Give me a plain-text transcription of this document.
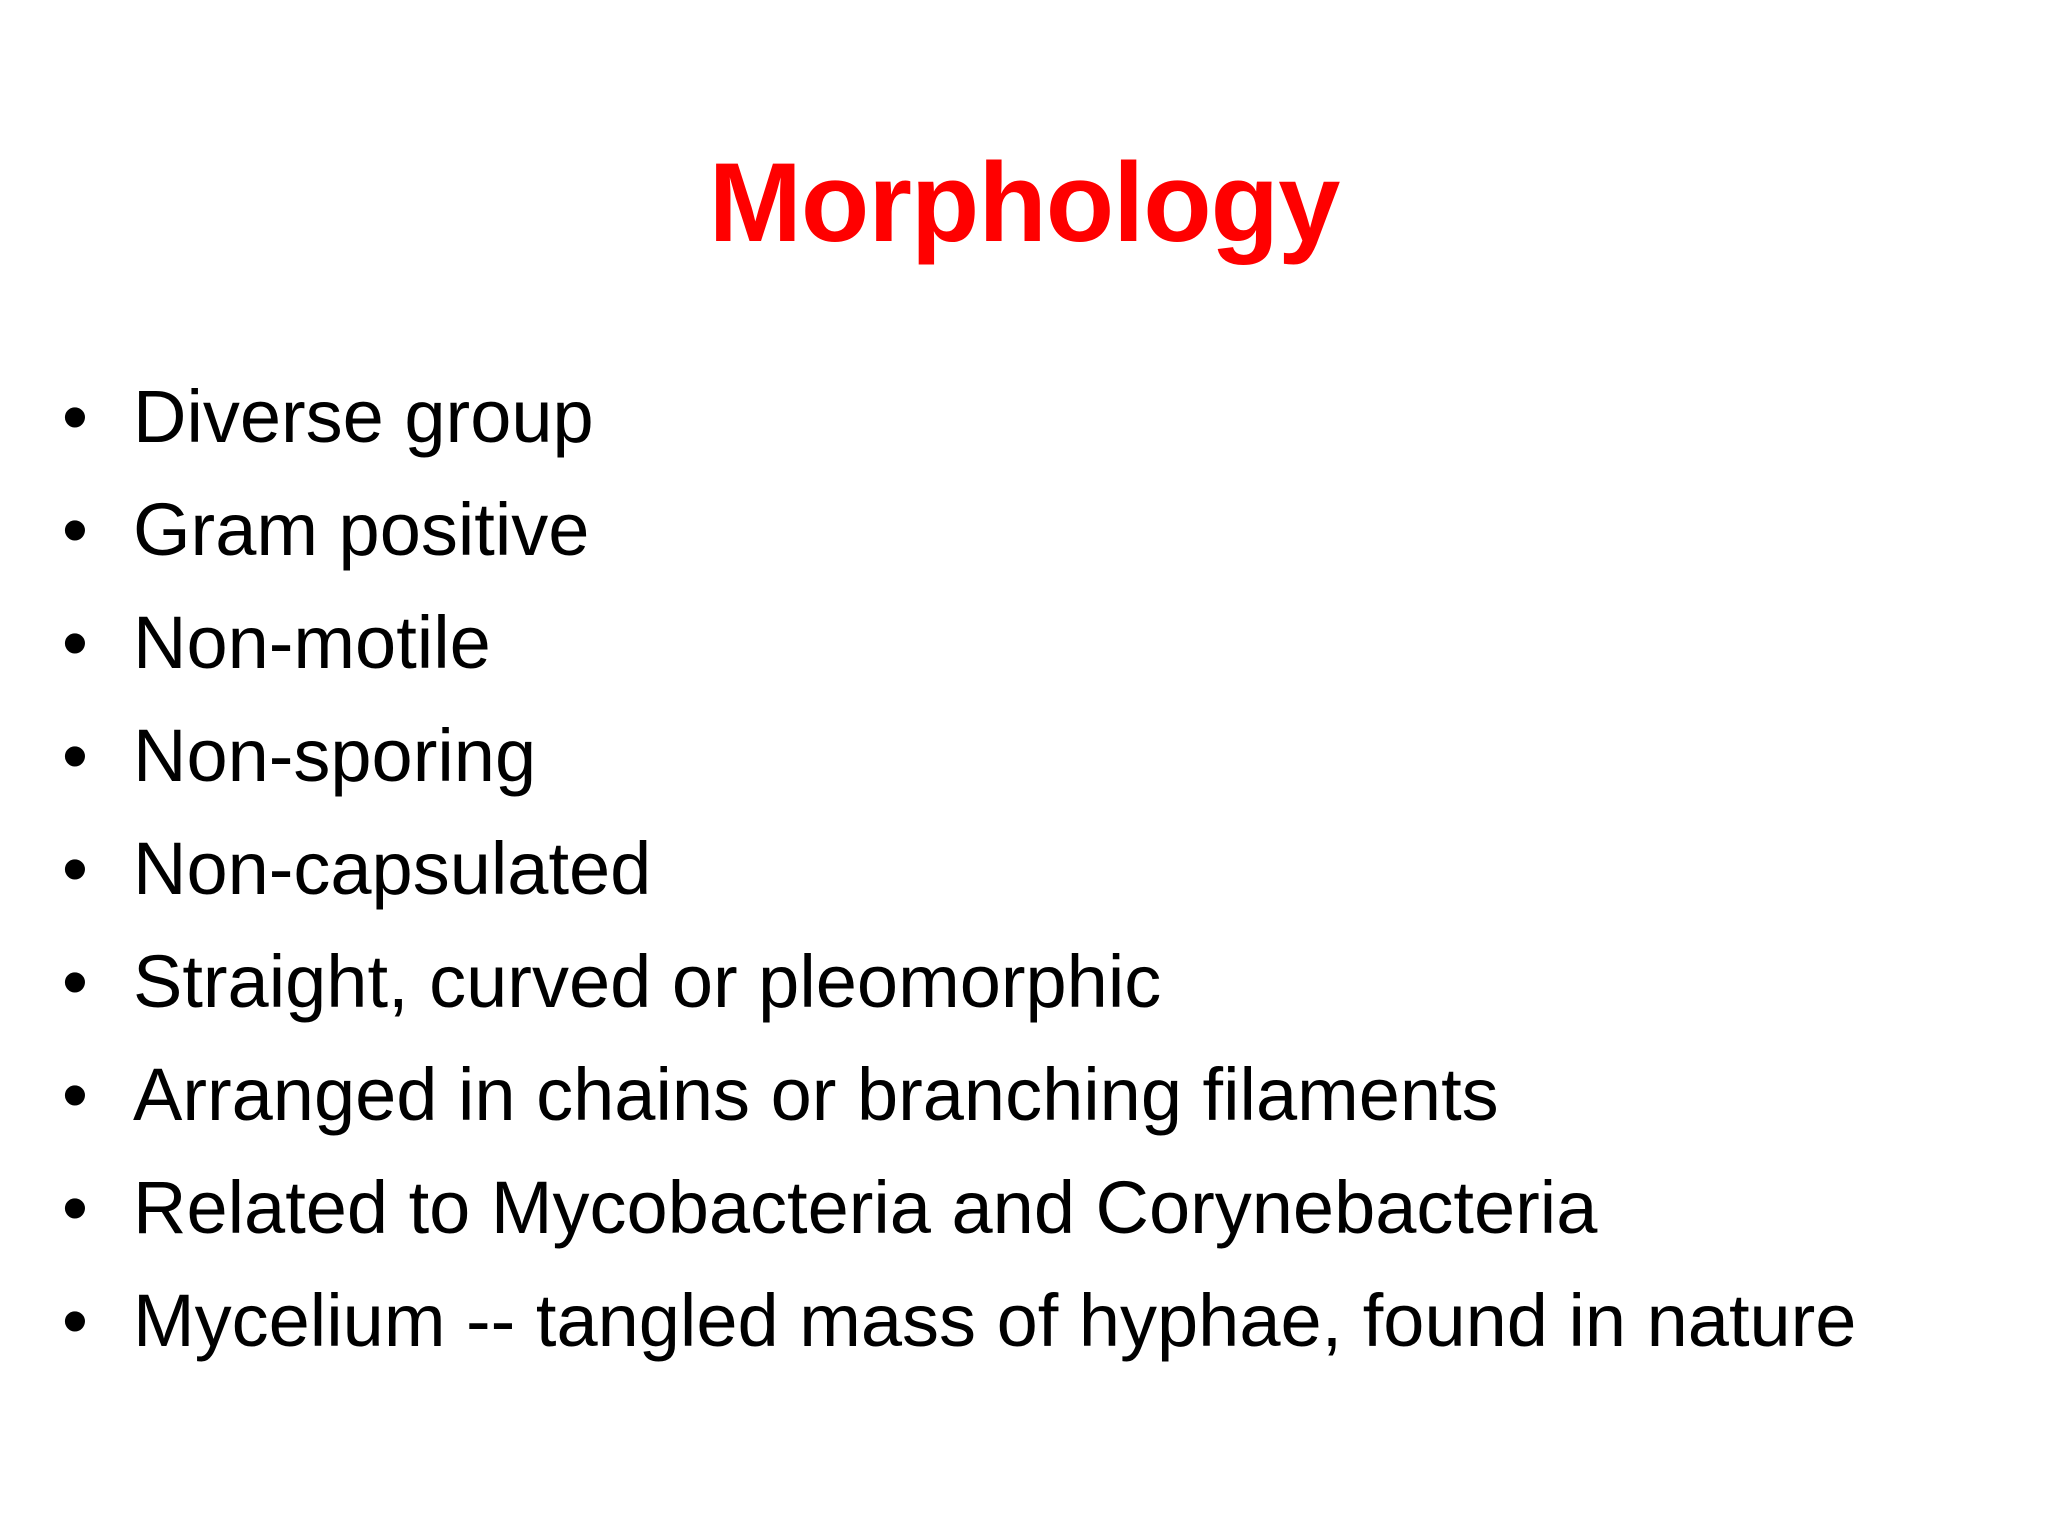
Morphology
• Diverse group
• Gram positive
• Non-motile
• Non-sporing
• Non-capsulated
• Straight, curved or pleomorphic
• Arranged in chains or branching filaments
• Related to Mycobacteria and Corynebacteria
• Mycelium -- tangled mass of hyphae, found in nature
